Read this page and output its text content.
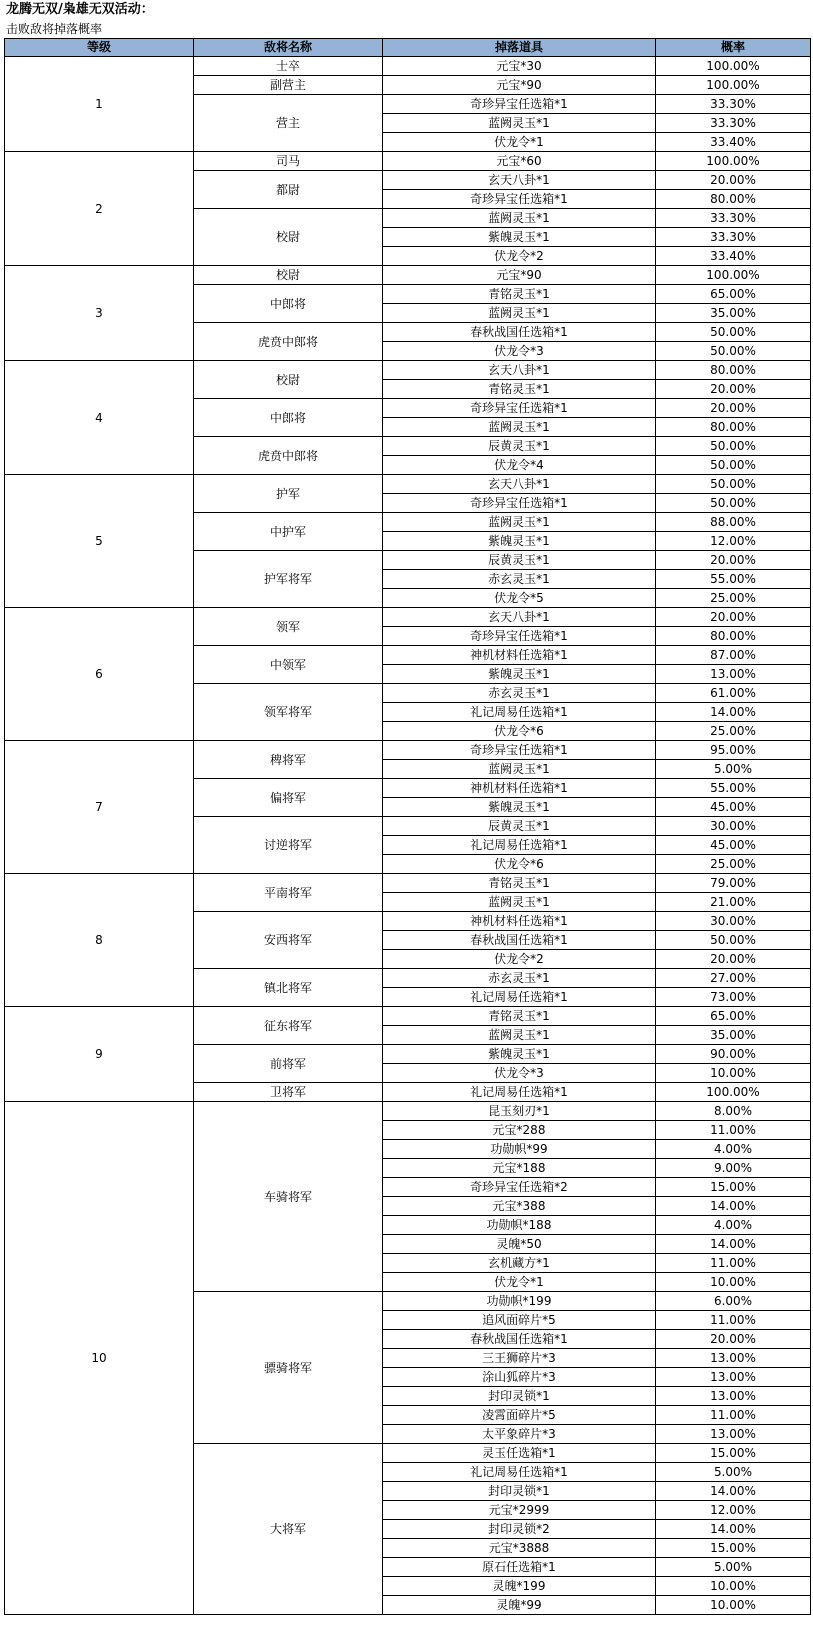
龙腾无双/枭雄无双活动：
击败敌将掉落概率
等级	敌将名称	掉落道具	概率
1	士卒	元宝*30	100.00%
	副营主	元宝*90	100.00%
	营主	奇珍异宝任选箱*1	33.30%
		蓝阙灵玉*1	33.30%
		伏龙令*1	33.40%
2	司马	元宝*60	100.00%
	都尉	玄天八卦*1	20.00%
		奇珍异宝任选箱*1	80.00%
	校尉	蓝阙灵玉*1	33.30%
		紫魄灵玉*1	33.30%
		伏龙令*2	33.40%
3	校尉	元宝*90	100.00%
	中郎将	青铭灵玉*1	65.00%
		蓝阙灵玉*1	35.00%
	虎贲中郎将	春秋战国任选箱*1	50.00%
		伏龙令*3	50.00%
4	校尉	玄天八卦*1	80.00%
		青铭灵玉*1	20.00%
	中郎将	奇珍异宝任选箱*1	20.00%
		蓝阙灵玉*1	80.00%
	虎贲中郎将	辰黄灵玉*1	50.00%
		伏龙令*4	50.00%
5	护军	玄天八卦*1	50.00%
		奇珍异宝任选箱*1	50.00%
	中护军	蓝阙灵玉*1	88.00%
		紫魄灵玉*1	12.00%
	护军将军	辰黄灵玉*1	20.00%
		赤玄灵玉*1	55.00%
		伏龙令*5	25.00%
6	领军	玄天八卦*1	20.00%
		奇珍异宝任选箱*1	80.00%
	中领军	神机材料任选箱*1	87.00%
		紫魄灵玉*1	13.00%
	领军将军	赤玄灵玉*1	61.00%
		礼记周易任选箱*1	14.00%
		伏龙令*6	25.00%
7	稗将军	奇珍异宝任选箱*1	95.00%
		蓝阙灵玉*1	5.00%
	偏将军	神机材料任选箱*1	55.00%
		紫魄灵玉*1	45.00%
	讨逆将军	辰黄灵玉*1	30.00%
		礼记周易任选箱*1	45.00%
		伏龙令*6	25.00%
8	平南将军	青铭灵玉*1	79.00%
		蓝阙灵玉*1	21.00%
	安西将军	神机材料任选箱*1	30.00%
		春秋战国任选箱*1	50.00%
		伏龙令*2	20.00%
	镇北将军	赤玄灵玉*1	27.00%
		礼记周易任选箱*1	73.00%
9	征东将军	青铭灵玉*1	65.00%
		蓝阙灵玉*1	35.00%
	前将军	紫魄灵玉*1	90.00%
		伏龙令*3	10.00%
	卫将军	礼记周易任选箱*1	100.00%
10	车骑将军	昆玉刻刃*1	8.00%
		元宝*288	11.00%
		功勋帜*99	4.00%
		元宝*188	9.00%
		奇珍异宝任选箱*2	15.00%
		元宝*388	14.00%
		功勋帜*188	4.00%
		灵魄*50	14.00%
		玄机藏方*1	11.00%
		伏龙令*1	10.00%
	骠骑将军	功勋帜*199	6.00%
		追风面碎片*5	11.00%
		春秋战国任选箱*1	20.00%
		三王狮碎片*3	13.00%
		涂山狐碎片*3	13.00%
		封印灵锁*1	13.00%
		凌霄面碎片*5	11.00%
		太平象碎片*3	13.00%
	大将军	灵玉任选箱*1	15.00%
		礼记周易任选箱*1	5.00%
		封印灵锁*1	14.00%
		元宝*2999	12.00%
		封印灵锁*2	14.00%
		元宝*3888	15.00%
		原石任选箱*1	5.00%
		灵魄*199	10.00%
		灵魄*99	10.00%
